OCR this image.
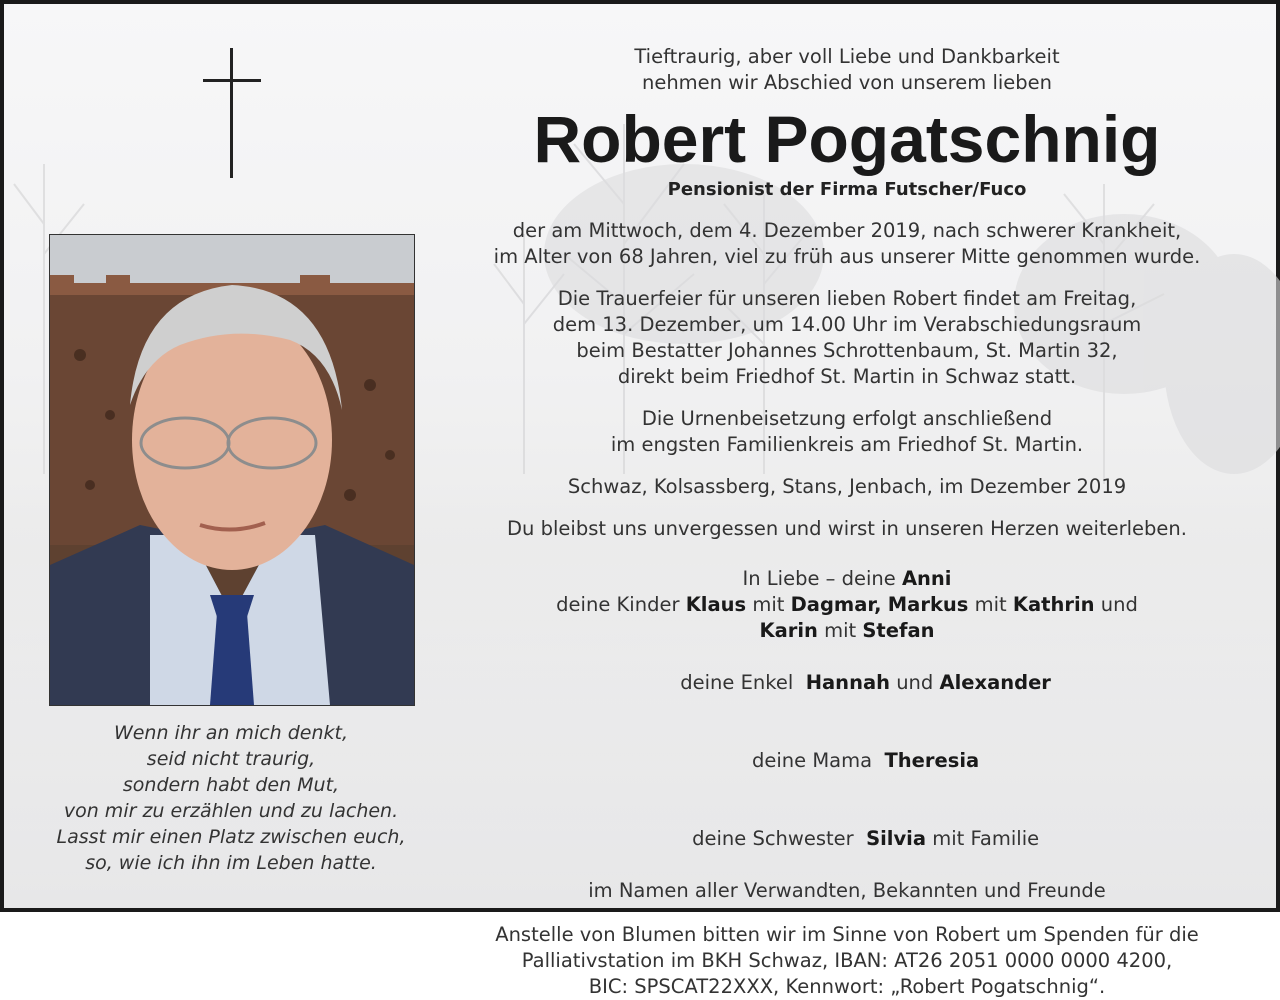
Wenn ihr an mich denkt,
seid nicht traurig,
sondern habt den Mut,
von mir zu erzählen und zu lachen.
Lasst mir einen Platz zwischen euch,
so, wie ich ihn im Leben hatte.
Tieftraurig, aber voll Liebe und Dankbarkeit
nehmen wir Abschied von unserem lieben
Robert Pogatschnig
Pensionist der Firma Futscher/Fuco
der am Mittwoch, dem 4. Dezember 2019, nach schwerer Krankheit,
im Alter von 68 Jahren, viel zu früh aus unserer Mitte genommen wurde.
Die Trauerfeier für unseren lieben Robert findet am Freitag,
dem 13. Dezember, um 14.00 Uhr im Verabschiedungsraum
beim Bestatter Johannes Schrottenbaum, St. Martin 32,
direkt beim Friedhof St. Martin in Schwaz statt.
Die Urnenbeisetzung erfolgt anschließend
im engsten Familienkreis am Friedhof St. Martin.
Schwaz, Kolsassberg, Stans, Jenbach, im Dezember 2019
Du bleibst uns unvergessen und wirst in unseren Herzen weiterleben.
In Liebe – deine Anni
deine Kinder Klaus mit Dagmar, Markus mit Kathrin und
Karin mit Stefan

deine Enkel  Hannah und Alexander

deine Mama  Theresia

deine Schwester  Silvia mit Familie

im Namen aller Verwandten, Bekannten und Freunde
Anstelle von Blumen bitten wir im Sinne von Robert um Spenden für die
Palliativstation im BKH Schwaz, IBAN: AT26 2051 0000 0000 4200,
BIC: SPSCAT22XXX, Kennwort: „Robert Pogatschnig“.
